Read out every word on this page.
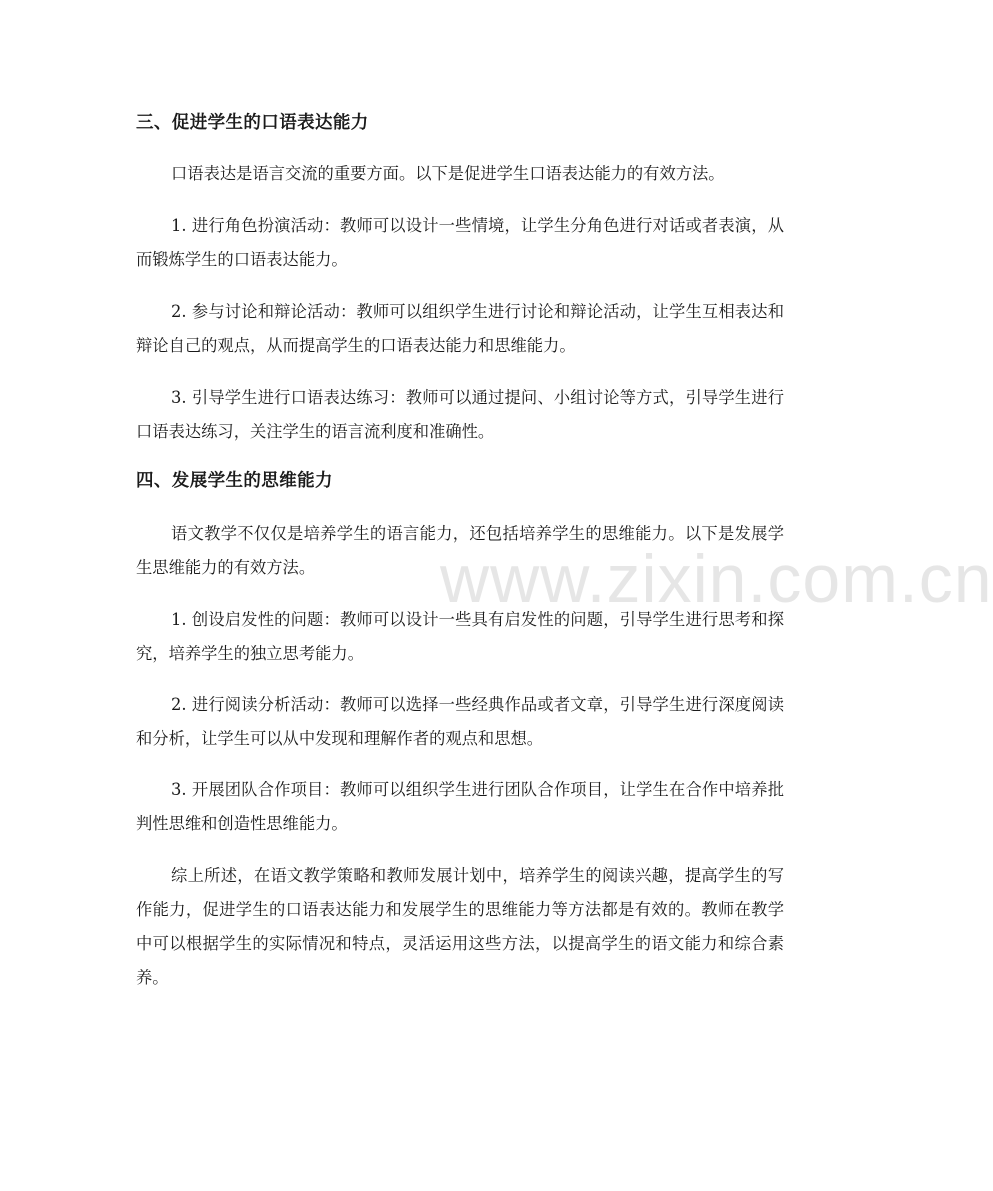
三、促进学生的口语表达能力

口语表达是语言交流的重要方面。以下是促进学生口语表达能力的有效方法。

1. 进行角色扮演活动：教师可以设计一些情境，让学生分角色进行对话或者表演，从而锻炼学生的口语表达能力。

2. 参与讨论和辩论活动：教师可以组织学生进行讨论和辩论活动，让学生互相表达和辩论自己的观点，从而提高学生的口语表达能力和思维能力。

3. 引导学生进行口语表达练习：教师可以通过提问、小组讨论等方式，引导学生进行口语表达练习，关注学生的语言流利度和准确性。

四、发展学生的思维能力

语文教学不仅仅是培养学生的语言能力，还包括培养学生的思维能力。以下是发展学生思维能力的有效方法。

1. 创设启发性的问题：教师可以设计一些具有启发性的问题，引导学生进行思考和探究，培养学生的独立思考能力。

2. 进行阅读分析活动：教师可以选择一些经典作品或者文章，引导学生进行深度阅读和分析，让学生可以从中发现和理解作者的观点和思想。

3. 开展团队合作项目：教师可以组织学生进行团队合作项目，让学生在合作中培养批判性思维和创造性思维能力。

综上所述，在语文教学策略和教师发展计划中，培养学生的阅读兴趣，提高学生的写作能力，促进学生的口语表达能力和发展学生的思维能力等方法都是有效的。教师在教学中可以根据学生的实际情况和特点，灵活运用这些方法，以提高学生的语文能力和综合素养。

www.zixin.com.cn
